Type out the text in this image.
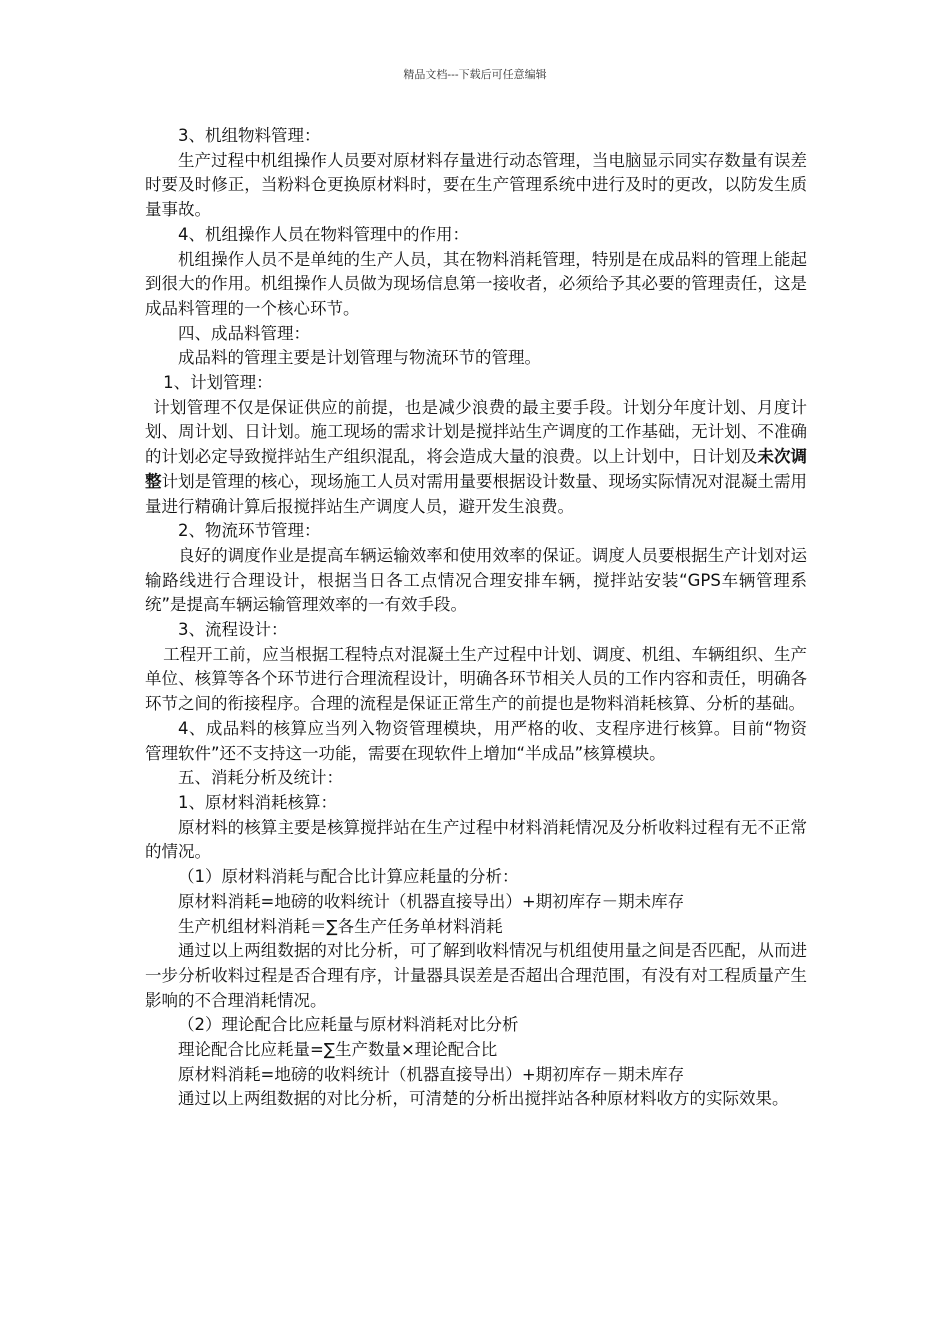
精品文档---下载后可任意编辑

3、机组物料管理：

生产过程中机组操作人员要对原材料存量进行动态管理，当电脑显示同实存数量有误差时要及时修正，当粉料仓更换原材料时，要在生产管理系统中进行及时的更改，以防发生质量事故。

4、机组操作人员在物料管理中的作用：

机组操作人员不是单纯的生产人员，其在物料消耗管理，特别是在成品料的管理上能起到很大的作用。机组操作人员做为现场信息第一接收者，必须给予其必要的管理责任，这是成品料管理的一个核心环节。

四、成品料管理：

成品料的管理主要是计划管理与物流环节的管理。

1、计划管理：

计划管理不仅是保证供应的前提，也是减少浪费的最主要手段。计划分年度计划、月度计划、周计划、日计划。施工现场的需求计划是搅拌站生产调度的工作基础，无计划、不准确的计划必定导致搅拌站生产组织混乱，将会造成大量的浪费。以上计划中，日计划及未次调整计划是管理的核心，现场施工人员对需用量要根据设计数量、现场实际情况对混凝土需用量进行精确计算后报搅拌站生产调度人员，避开发生浪费。

2、物流环节管理：

良好的调度作业是提高车辆运输效率和使用效率的保证。调度人员要根据生产计划对运输路线进行合理设计，根据当日各工点情况合理安排车辆，搅拌站安装“GPS车辆管理系统”是提高车辆运输管理效率的一有效手段。

3、流程设计：

工程开工前，应当根据工程特点对混凝土生产过程中计划、调度、机组、车辆组织、生产单位、核算等各个环节进行合理流程设计，明确各环节相关人员的工作内容和责任，明确各环节之间的衔接程序。合理的流程是保证正常生产的前提也是物料消耗核算、分析的基础。

4、成品料的核算应当列入物资管理模块，用严格的收、支程序进行核算。目前“物资管理软件”还不支持这一功能，需要在现软件上增加“半成品”核算模块。

五、消耗分析及统计：

1、原材料消耗核算：

原材料的核算主要是核算搅拌站在生产过程中材料消耗情况及分析收料过程有无不正常的情况。

（1）原材料消耗与配合比计算应耗量的分析：

原材料消耗=地磅的收料统计（机器直接导出）+期初库存－期未库存

生产机组材料消耗＝∑各生产任务单材料消耗

通过以上两组数据的对比分析，可了解到收料情况与机组使用量之间是否匹配，从而进一步分析收料过程是否合理有序，计量器具误差是否超出合理范围，有没有对工程质量产生影响的不合理消耗情况。

（2）理论配合比应耗量与原材料消耗对比分析

理论配合比应耗量=∑生产数量×理论配合比

原材料消耗=地磅的收料统计（机器直接导出）+期初库存－期未库存

通过以上两组数据的对比分析，可清楚的分析出搅拌站各种原材料收方的实际效果。
